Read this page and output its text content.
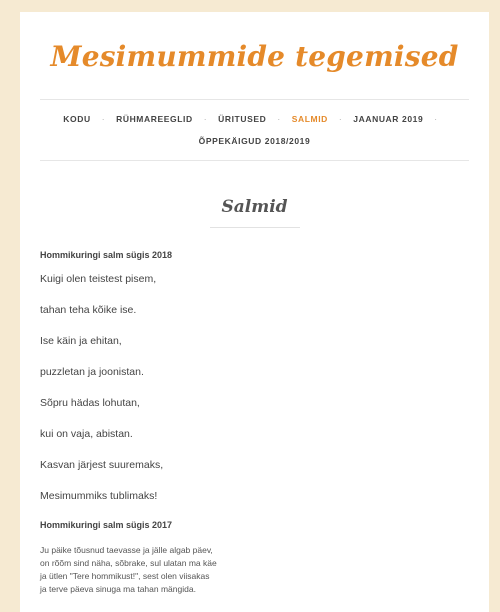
Mesimummide tegemised
KODU · RÜHMAREEGLID · ÜRITUSED · SALMID · JAANUAR 2019 ·
ÕPPEKÄIGUD 2018/2019
Salmid

Hommikuringi salm sügis 2018

Kuigi olen teistest pisem,

tahan teha kõike ise.

Ise käin ja ehitan,

puzzletan ja joonistan.

Sõpru hädas lohutan,

kui on vaja, abistan.

Kasvan järjest suuremaks,

Mesimummiks tublimaks!

Hommikuringi salm sügis 2017

Ju päike tõusnud taevasse ja jälle algab päev,
on rõõm sind näha, sõbrake, sul ulatan ma käe
ja ütlen "Tere hommikust!", sest olen viisakas
ja terve päeva sinuga ma tahan mängida.
